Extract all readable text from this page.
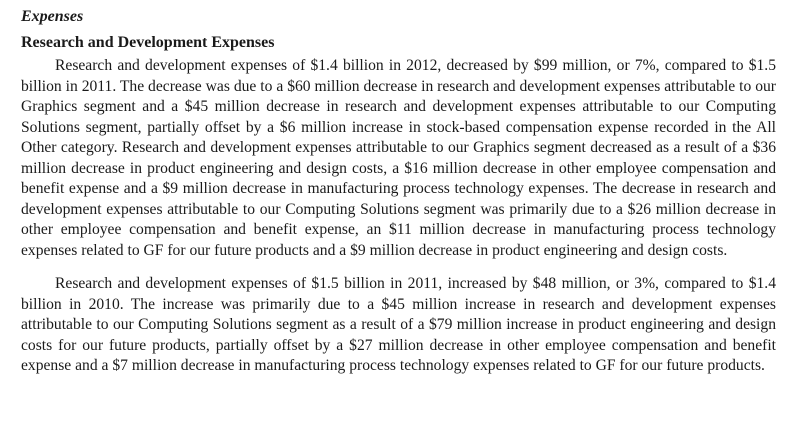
Expenses
Research and Development Expenses

Research and development expenses of $1.4 billion in 2012, decreased by $99 million, or 7%, compared to $1.5 billion in 2011. The decrease was due to a $60 million decrease in research and development expenses attributable to our Graphics segment and a $45 million decrease in research and development expenses attributable to our Computing Solutions segment, partially offset by a $6 million increase in stock-based compensation expense recorded in the All Other category. Research and development expenses attributable to our Graphics segment decreased as a result of a $36 million decrease in product engineering and design costs, a $16 million decrease in other employee compensation and benefit expense and a $9 million decrease in manufacturing process technology expenses. The decrease in research and development expenses attributable to our Computing Solutions segment was primarily due to a $26 million decrease in other employee compensation and benefit expense, an $11 million decrease in manufacturing process technology expenses related to GF for our future products and a $9 million decrease in product engineering and design costs.

Research and development expenses of $1.5 billion in 2011, increased by $48 million, or 3%, compared to $1.4 billion in 2010. The increase was primarily due to a $45 million increase in research and development expenses attributable to our Computing Solutions segment as a result of a $79 million increase in product engineering and design costs for our future products, partially offset by a $27 million decrease in other employee compensation and benefit expense and a $7 million decrease in manufacturing process technology expenses related to GF for our future products.
